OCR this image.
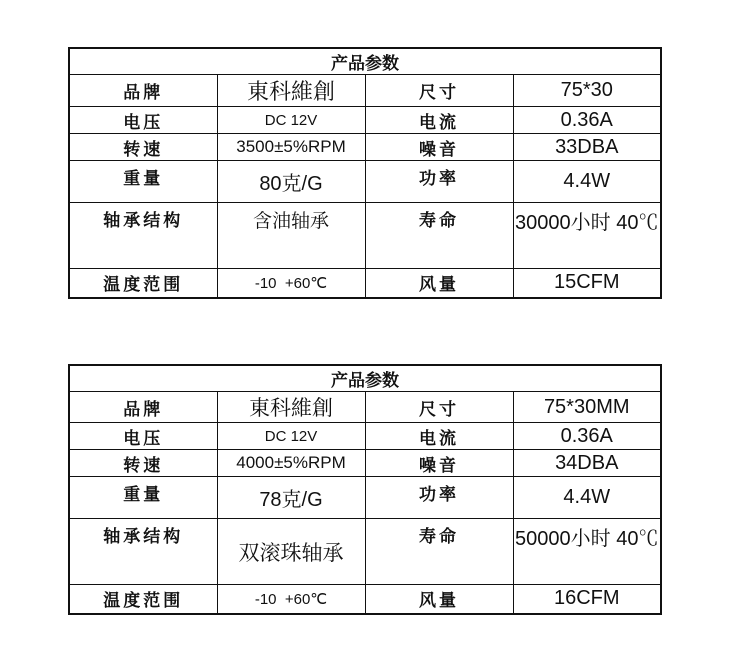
产品参数			
品牌	東科維創	尺寸	75*30
电压	DC 12V	电流	0.36A
转速	3500±5%RPM	噪音	33DBA
重量	80克/G	功率	4.4W
轴承结构	含油轴承	寿命	30000小时 40℃
温度范围	-10  +60℃	风量	15CFM
产品参数			
品牌	東科維創	尺寸	75*30MM
电压	DC 12V	电流	0.36A
转速	4000±5%RPM	噪音	34DBA
重量	78克/G	功率	4.4W
轴承结构	双滚珠轴承	寿命	50000小时 40℃
温度范围	-10  +60℃	风量	16CFM
